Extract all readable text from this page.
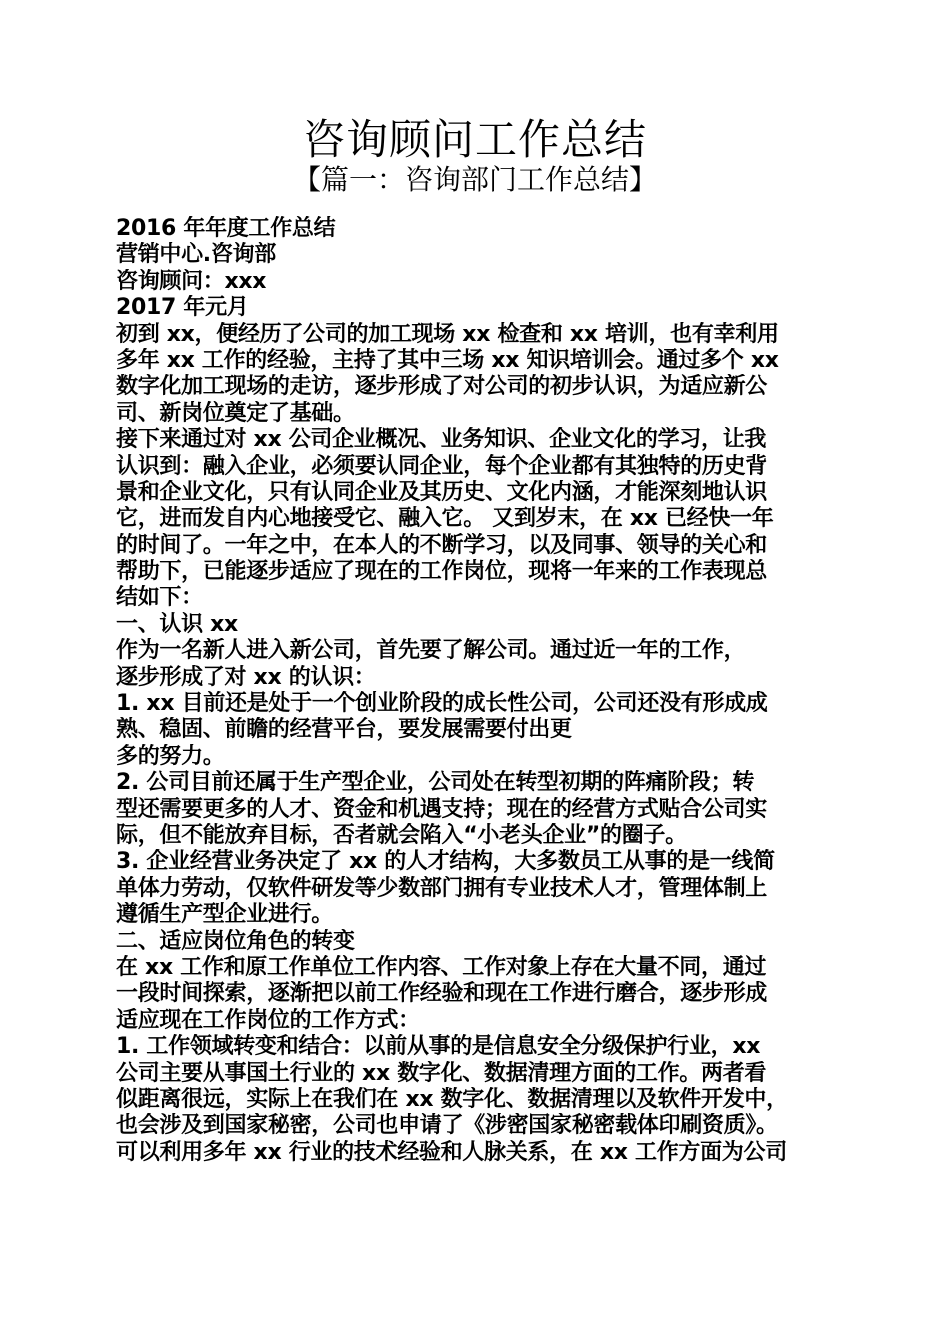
咨询顾问工作总结
【篇一：咨询部门工作总结】
2016 年年度工作总结
营销中心.咨询部
咨询顾问：xxx
2017 年元月
初到 xx，便经历了公司的加工现场 xx 检查和 xx 培训，也有幸利用
多年 xx 工作的经验，主持了其中三场 xx 知识培训会。通过多个 xx
数字化加工现场的走访，逐步形成了对公司的初步认识，为适应新公
司、新岗位奠定了基础。
接下来通过对 xx 公司企业概况、业务知识、企业文化的学习，让我
认识到：融入企业，必须要认同企业，每个企业都有其独特的历史背
景和企业文化，只有认同企业及其历史、文化内涵，才能深刻地认识
它，进而发自内心地接受它、融入它。 又到岁末，在 xx 已经快一年
的时间了。一年之中，在本人的不断学习，以及同事、领导的关心和
帮助下，已能逐步适应了现在的工作岗位，现将一年来的工作表现总
结如下：
一、认识 xx
作为一名新人进入新公司，首先要了解公司。通过近一年的工作，
逐步形成了对 xx 的认识：
1. xx 目前还是处于一个创业阶段的成长性公司，公司还没有形成成
熟、稳固、前瞻的经营平台，要发展需要付出更
多的努力。
2. 公司目前还属于生产型企业，公司处在转型初期的阵痛阶段；转
型还需要更多的人才、资金和机遇支持；现在的经营方式贴合公司实
际，但不能放弃目标，否者就会陷入“小老头企业”的圈子。
3. 企业经营业务决定了 xx 的人才结构，大多数员工从事的是一线简
单体力劳动，仅软件研发等少数部门拥有专业技术人才，管理体制上
遵循生产型企业进行。
二、适应岗位角色的转变
在 xx 工作和原工作单位工作内容、工作对象上存在大量不同，通过
一段时间探索，逐渐把以前工作经验和现在工作进行磨合，逐步形成
适应现在工作岗位的工作方式：
1. 工作领域转变和结合：以前从事的是信息安全分级保护行业，xx
公司主要从事国土行业的 xx 数字化、数据清理方面的工作。两者看
似距离很远，实际上在我们在 xx 数字化、数据清理以及软件开发中，
也会涉及到国家秘密，公司也申请了《涉密国家秘密载体印刷资质》。
可以利用多年 xx 行业的技术经验和人脉关系，在 xx 工作方面为公司
